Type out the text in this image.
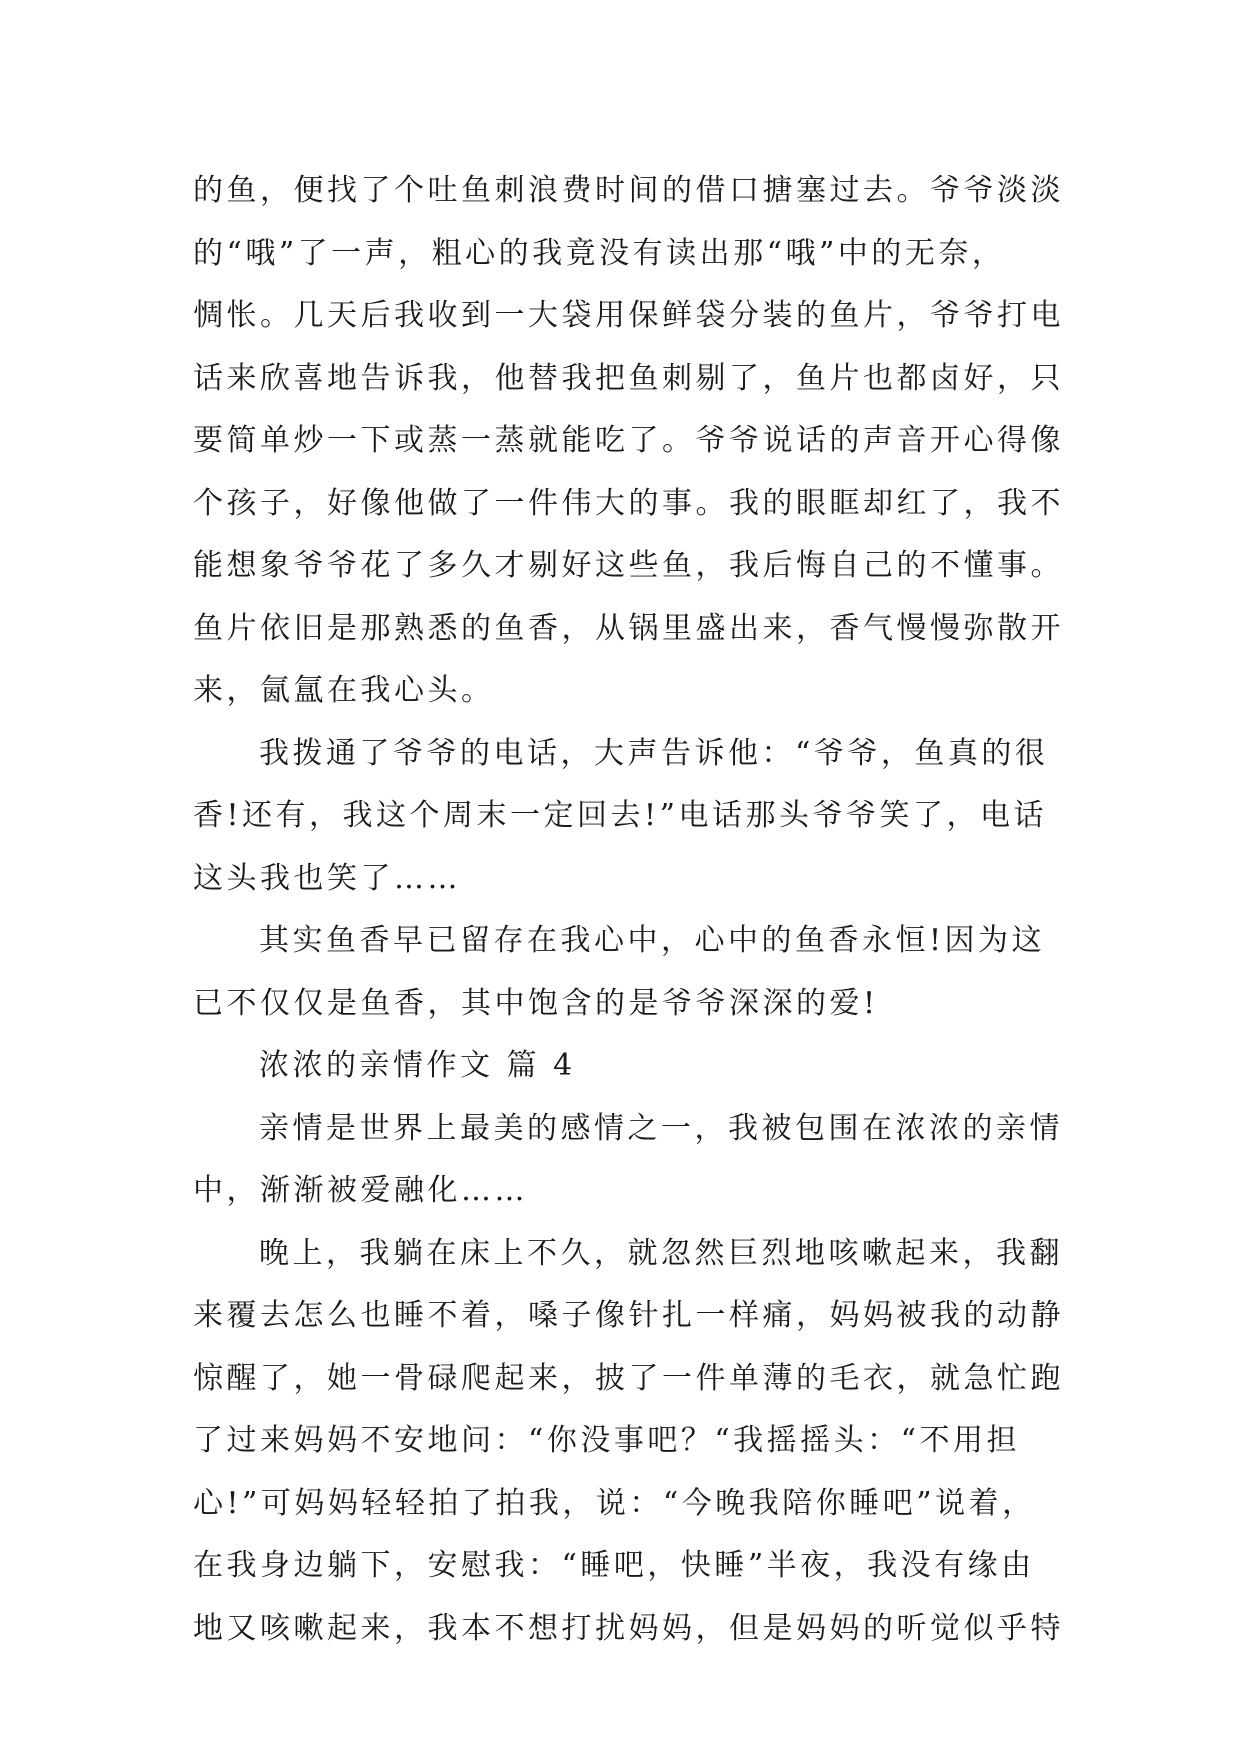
的鱼，便找了个吐鱼刺浪费时间的借口搪塞过去。爷爷淡淡
的“哦”了一声，粗心的我竟没有读出那“哦”中的无奈，
惆怅。几天后我收到一大袋用保鲜袋分装的鱼片，爷爷打电
话来欣喜地告诉我，他替我把鱼刺剔了，鱼片也都卤好，只
要简单炒一下或蒸一蒸就能吃了。爷爷说话的声音开心得像
个孩子，好像他做了一件伟大的事。我的眼眶却红了，我不
能想象爷爷花了多久才剔好这些鱼，我后悔自己的不懂事。
鱼片依旧是那熟悉的鱼香，从锅里盛出来，香气慢慢弥散开
来，氤氲在我心头。
我拨通了爷爷的电话，大声告诉他：“爷爷，鱼真的很
香!还有，我这个周末一定回去!”电话那头爷爷笑了，电话
这头我也笑了……
其实鱼香早已留存在我心中，心中的鱼香永恒!因为这
已不仅仅是鱼香，其中饱含的是爷爷深深的爱!
浓浓的亲情作文 篇 4
亲情是世界上最美的感情之一，我被包围在浓浓的亲情
中，渐渐被爱融化……
晚上，我躺在床上不久，就忽然巨烈地咳嗽起来，我翻
来覆去怎么也睡不着，嗓子像针扎一样痛，妈妈被我的动静
惊醒了，她一骨碌爬起来，披了一件单薄的毛衣，就急忙跑
了过来妈妈不安地问：“你没事吧？“我摇摇头：“不用担
心!”可妈妈轻轻拍了拍我，说：“今晚我陪你睡吧”说着，
在我身边躺下，安慰我：“睡吧，快睡”半夜，我没有缘由
地又咳嗽起来，我本不想打扰妈妈，但是妈妈的听觉似乎特
